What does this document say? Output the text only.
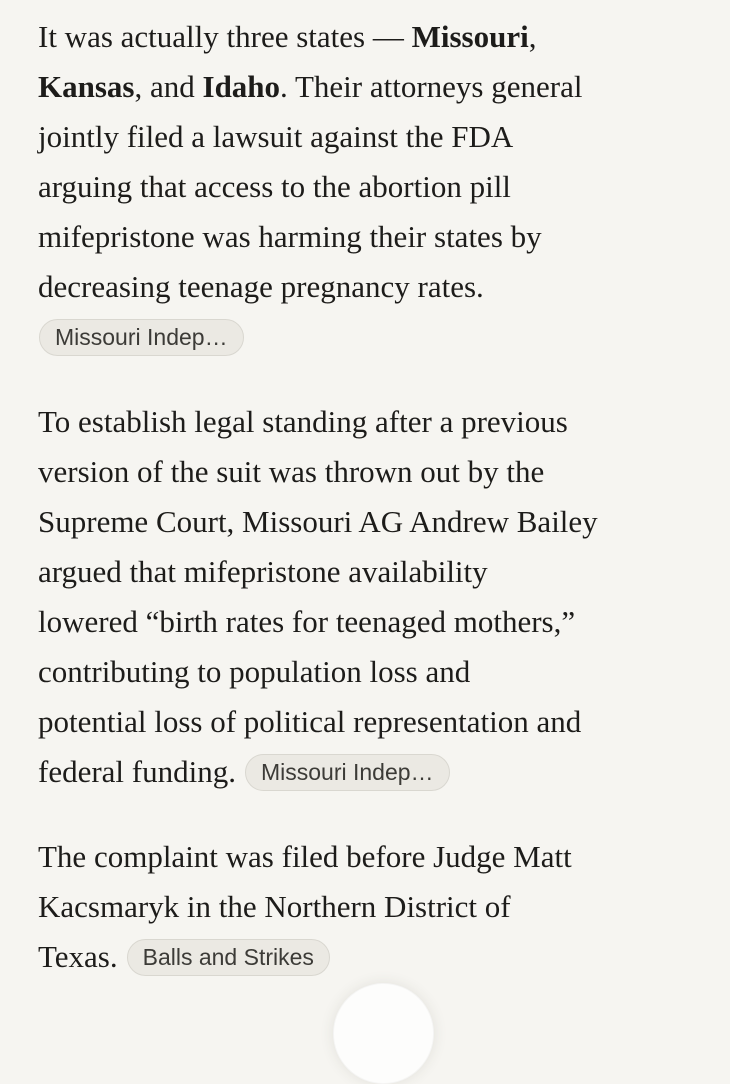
It was actually three states — Missouri,
Kansas, and Idaho. Their attorneys general
jointly filed a lawsuit against the FDA
arguing that access to the abortion pill
mifepristone was harming their states by
decreasing teenage pregnancy rates.
Missouri Indep…
To establish legal standing after a previous
version of the suit was thrown out by the
Supreme Court, Missouri AG Andrew Bailey
argued that mifepristone availability
lowered “birth rates for teenaged mothers,”
contributing to population loss and
potential loss of political representation and
federal funding. Missouri Indep…
The complaint was filed before Judge Matt
Kacsmaryk in the Northern District of
Texas. Balls and Strikes
